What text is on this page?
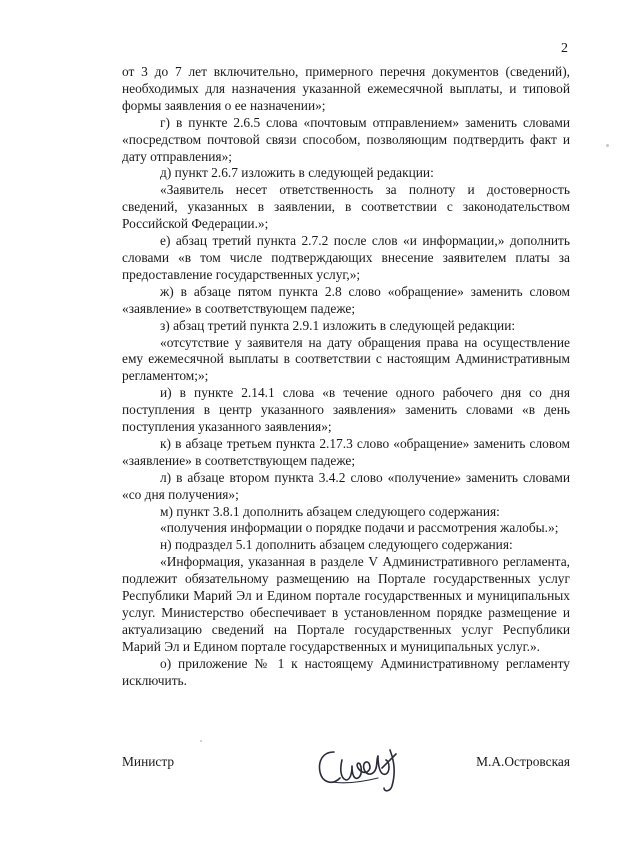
2

от 3 до 7 лет включительно, примерного перечня документов (сведений), необходимых для назначения указанной ежемесячной выплаты, и типовой формы заявления о ее назначении»;

г) в пункте 2.6.5 слова «почтовым отправлением» заменить словами «посредством почтовой связи способом, позволяющим подтвердить факт и дату отправления»;

д) пункт 2.6.7 изложить в следующей редакции:

«Заявитель несет ответственность за полноту и достоверность сведений, указанных в заявлении, в соответствии с законодательством Российской Федерации.»;

е) абзац третий пункта 2.7.2 после слов «и информации,» дополнить словами «в том числе подтверждающих внесение заявителем платы за предоставление государственных услуг,»;

ж) в абзаце пятом пункта 2.8 слово «обращение» заменить словом «заявление» в соответствующем падеже;

з) абзац третий пункта 2.9.1 изложить в следующей редакции:

«отсутствие у заявителя на дату обращения права на осуществление ему ежемесячной выплаты в соответствии с настоящим Административным регламентом;»;

и) в пункте 2.14.1 слова «в течение одного рабочего дня со дня поступления в центр указанного заявления» заменить словами «в день поступления указанного заявления»;

к) в абзаце третьем пункта 2.17.3 слово «обращение» заменить словом «заявление» в соответствующем падеже;

л) в абзаце втором пункта 3.4.2 слово «получение» заменить словами «со дня получения»;

м) пункт 3.8.1 дополнить абзацем следующего содержания:

«получения информации о порядке подачи и рассмотрения жалобы.»;

н) подраздел 5.1 дополнить абзацем следующего содержания:

«Информация, указанная в разделе V Административного регламента, подлежит обязательному размещению на Портале государственных услуг Республики Марий Эл и Едином портале государственных и муниципальных услуг. Министерство обеспечивает в установленном порядке размещение и актуализацию сведений на Портале государственных услуг Республики Марий Эл и Едином портале государственных и муниципальных услуг.».

о) приложение № 1 к настоящему Административному регламенту исключить.

Министр	М.А.Островская
